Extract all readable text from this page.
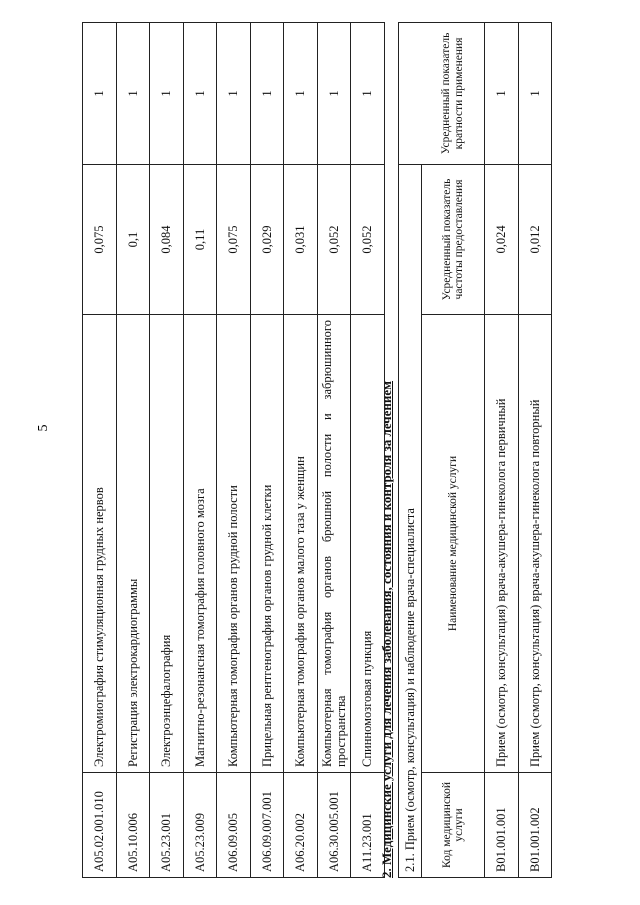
5
A05.02.001.010	Электромиография стимуляционная грудных нервов	0,075	1
A05.10.006	Регистрация электрокардиограммы	0,1	1
A05.23.001	Электроэнцефалография	0,084	1
A05.23.009	Магнитно-резонансная томография головного мозга	0,11	1
A06.09.005	Компьютерная томография органов грудной полости	0,075	1
A06.09.007.001	Прицельная рентгенография органов грудной клетки	0,029	1
A06.20.002	Компьютерная томография органов малого таза у женщин	0,031	1
A06.30.005.001	Компьютерная томография органов брюшной полости и забрюшинного пространства	0,052	1
A11.23.001	Спинномозговая пункция	0,052	1
2. Медицинские услуги для лечения заболевания, состояния и контроля за лечением 2.1. Прием (осмотр, консультация) и наблюдение врача-специалиста			
Код медицинской услуги	Наименование медицинской услуги	Усредненный показатель частоты предоставления	Усредненный показатель кратности применения
B01.001.001	Прием (осмотр, консультация) врача-акушера-гинеколога первичный	0,024	1
B01.001.002	Прием (осмотр, консультация) врача-акушера-гинеколога повторный	0,012	1
